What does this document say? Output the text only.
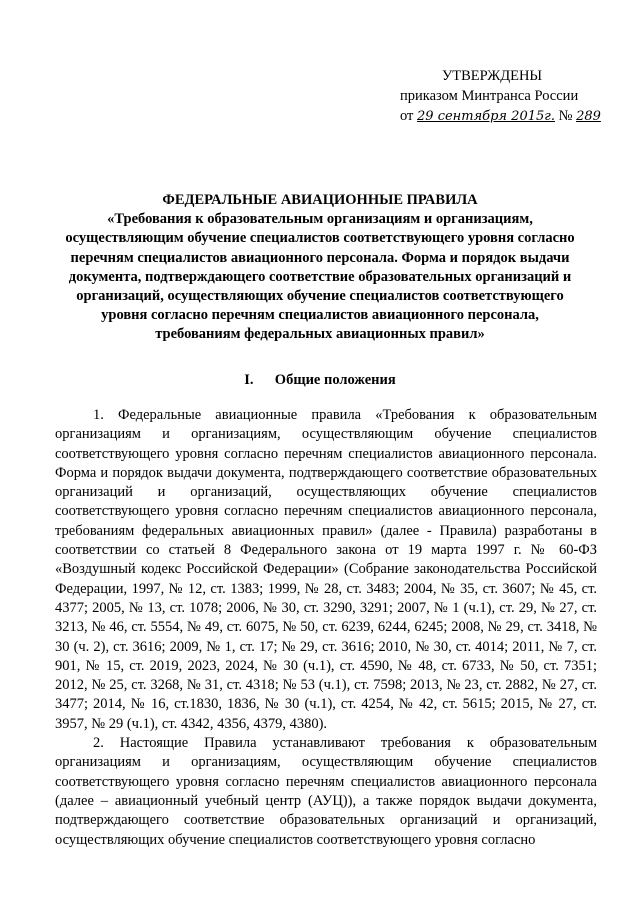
УТВЕРЖДЕНЫ
приказом Минтранса России
от 29 сентября 2015г. № 289
ФЕДЕРАЛЬНЫЕ АВИАЦИОННЫЕ ПРАВИЛА
«Требования к образовательным организациям и организациям,
осуществляющим обучение специалистов соответствующего уровня согласно
перечням специалистов авиационного персонала. Форма и порядок выдачи
документа, подтверждающего соответствие образовательных организаций и
организаций, осуществляющих обучение специалистов соответствующего
уровня согласно перечням специалистов авиационного персонала,
требованиям федеральных авиационных правил»
I. Общие положения

1. Федеральные авиационные правила «Требования к образовательным организациям и организациям, осуществляющим обучение специалистов соответствующего уровня согласно перечням специалистов авиационного персонала. Форма и порядок выдачи документа, подтверждающего соответствие образовательных организаций и организаций, осуществляющих обучение специалистов соответствующего уровня согласно перечням специалистов авиационного персонала, требованиям федеральных авиационных правил» (далее - Правила) разработаны в соответствии со статьей 8 Федерального закона от 19 марта 1997 г. № 60-ФЗ «Воздушный кодекс Российской Федерации» (Собрание законодательства Российской Федерации, 1997, № 12, ст. 1383; 1999, № 28, ст. 3483; 2004, № 35, ст. 3607; № 45, ст. 4377; 2005, № 13, ст. 1078; 2006, № 30, ст. 3290, 3291; 2007, № 1 (ч.1), ст. 29, № 27, ст. 3213, № 46, ст. 5554, № 49, ст. 6075, № 50, ст. 6239, 6244, 6245; 2008, № 29, ст. 3418, № 30 (ч. 2), ст. 3616; 2009, № 1, ст. 17; № 29, ст. 3616; 2010, № 30, ст. 4014; 2011, № 7, ст. 901, № 15, ст. 2019, 2023, 2024, № 30 (ч.1), ст. 4590, № 48, ст. 6733, № 50, ст. 7351; 2012, № 25, ст. 3268, № 31, ст. 4318; № 53 (ч.1), ст. 7598; 2013, № 23, ст. 2882, № 27, ст. 3477; 2014, № 16, ст.1830, 1836, № 30 (ч.1), ст. 4254, № 42, ст. 5615; 2015, № 27, ст. 3957, № 29 (ч.1), ст. 4342, 4356, 4379, 4380).

2. Настоящие Правила устанавливают требования к образовательным организациям и организациям, осуществляющим обучение специалистов соответствующего уровня согласно перечням специалистов авиационного персонала (далее – авиационный учебный центр (АУЦ)), а также порядок выдачи документа, подтверждающего соответствие образовательных организаций и организаций, осуществляющих обучение специалистов соответствующего уровня согласно
